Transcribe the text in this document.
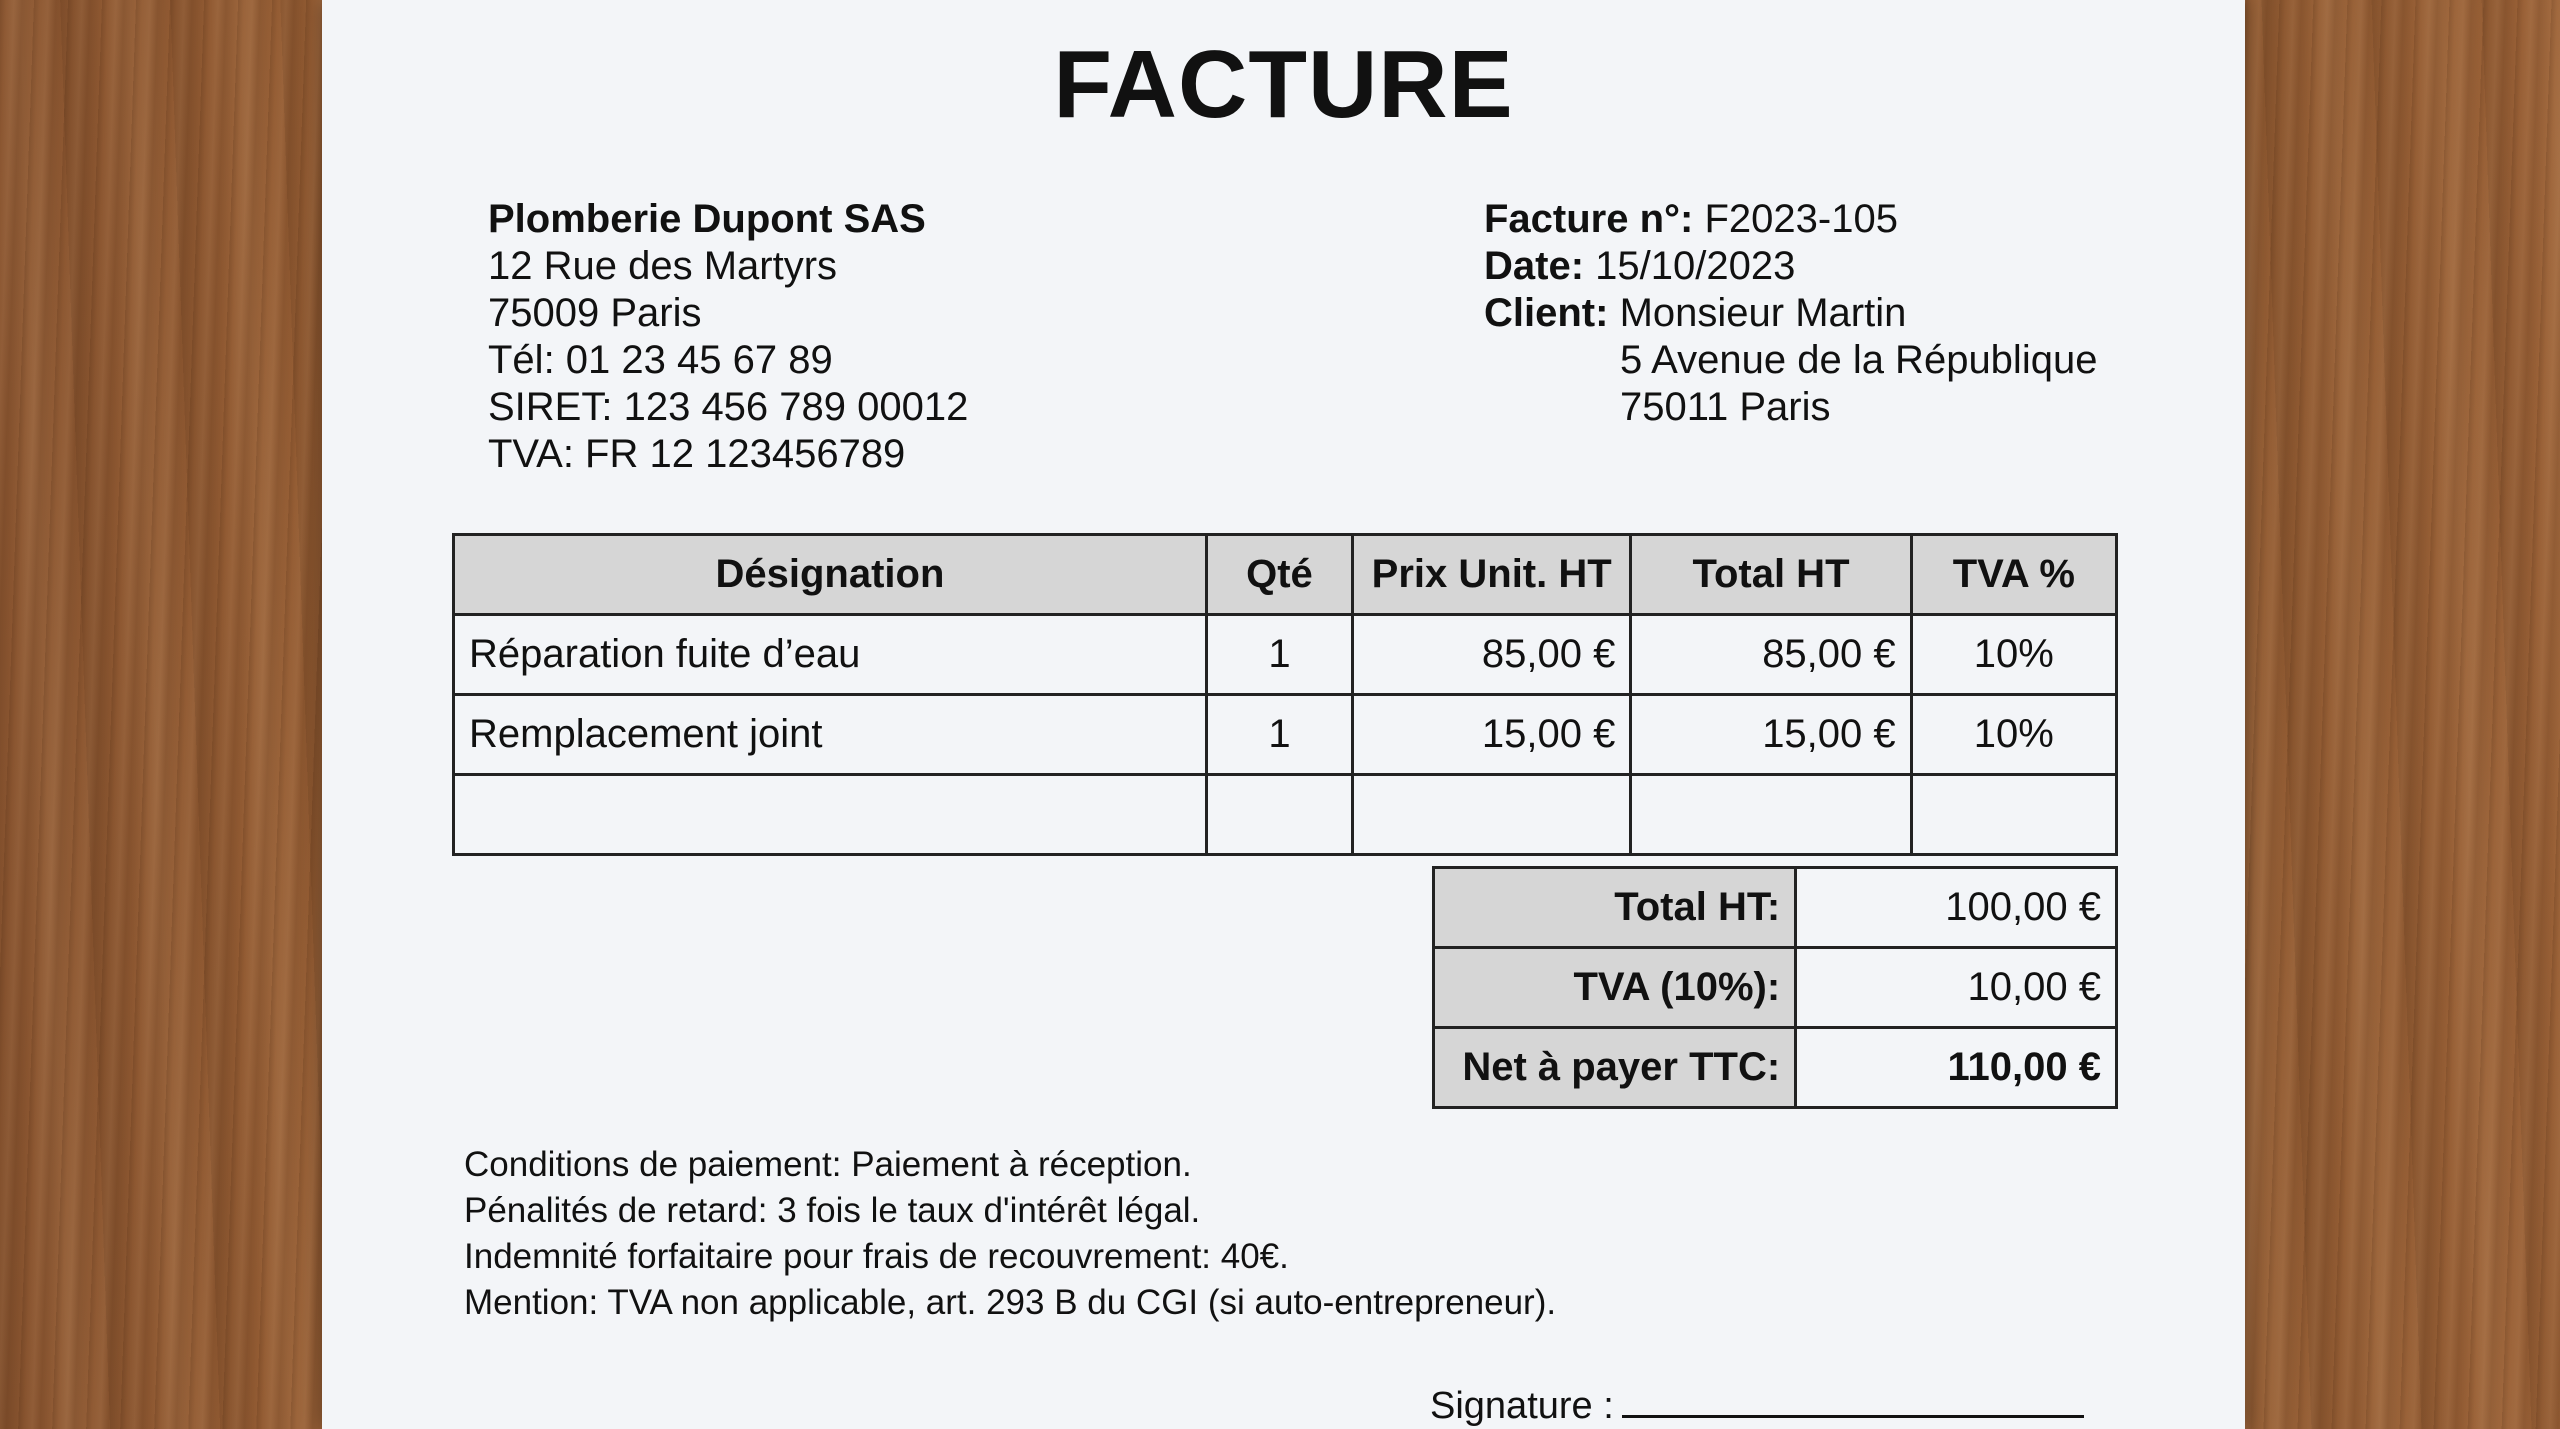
FACTURE
Plomberie Dupont SAS
12 Rue des Martyrs
75009 Paris
Tél: 01 23 45 67 89
SIRET: 123 456 789 00012
TVA: FR 12 123456789
Facture n°: F2023-105
Date: 15/10/2023
Client: Monsieur Martin
5 Avenue de la République
75011 Paris
Désignation	Qté	Prix Unit. HT	Total HT	TVA %
Réparation fuite d’eau	1	85,00 €	85,00 €	10%
Remplacement joint	1	15,00 €	15,00 €	10%

Total HT:	100,00 €
TVA (10%):	10,00 €
Net à payer TTC:	110,00 €
Conditions de paiement: Paiement à réception.
Pénalités de retard: 3 fois le taux d'intérêt légal.
Indemnité forfaitaire pour frais de recouvrement: 40€.
Mention: TVA non applicable, art. 293 B du CGI (si auto-entrepreneur).
Signature :
